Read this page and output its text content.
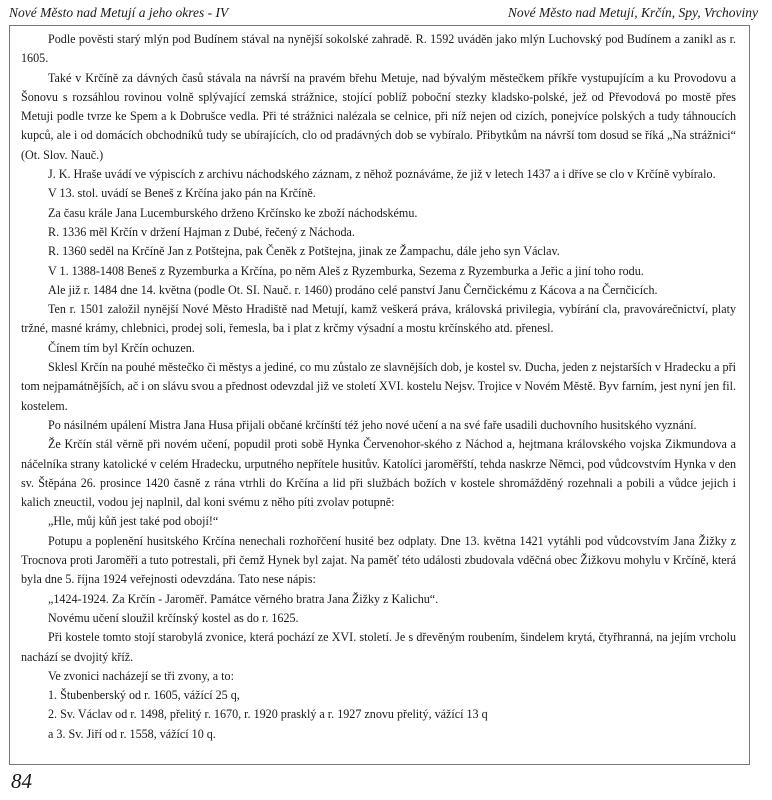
Nové Město nad Metují a jeho okres - IV	Nové Město nad Metují, Krčín, Spy, Vrchoviny

Podle pověsti starý mlýn pod Budínem stával na nynější sokolské zahradě. R. 1592 uváděn jako mlýn Luchovský pod Budínem a zanikl as r. 1605.

Také v Krčíně za dávných časů stávala na návrší na pravém břehu Metuje, nad bývalým městečkem příkře vystupujícím a ku Provodovu a Šonovu s rozsáhlou rovinou volně splývající zemská strážnice, stojící poblíž poboční stezky kladsko-polské, jež od Převodová po mostě přes Metuji podle tvrze ke Spem a k Dobrušce vedla. Při té strážnici nalézala se celnice, při níž nejen od cizích, ponejvíce polských a tudy táhnoucích kupců, ale i od domácích obchodníků tudy se ubírajících, clo od pradávných dob se vybíralo. Přibytkům na návrší tom dosud se říká „Na strážnici“ (Ot. Slov. Nauč.)

J. K. Hraše uvádí ve výpiscích z archivu náchodského záznam, z něhož poznáváme, že již v letech 1437 a i dříve se clo v Krčíně vybíralo.

V 13. stol. uvádí se Beneš z Krčína jako pán na Krčíně.

Za času krále Jana Lucemburského drženo Krčínsko ke zboží náchodskému.

R. 1336 měl Krčín v držení Hajman z Dubé, řečený z Náchoda.

R. 1360 seděl na Krčíně Jan z Potštejna, pak Čeněk z Potštejna, jinak ze Žampachu, dále jeho syn Václav.

V 1. 1388-1408 Beneš z Ryzemburka a Krčína, po něm Aleš z Ryzemburka, Sezema z Ryzemburka a Jeřic a jiní toho rodu.

Ale již r. 1484 dne 14. května (podle Ot. SI. Nauč. r. 1460) prodáno celé panství Janu Černčickému z Kácova a na Černčicích.

Ten r. 1501 založil nynější Nové Město Hradiště nad Metují, kamž veškerá práva, královská privilegia, vybírání cla, pravovárečnictví, platy tržné, masné krámy, chlebnici, prodej soli, řemesla, ba i plat z krčmy výsadní a mostu krčínského atd. přenesl.

Čínem tím byl Krčín ochuzen.

Sklesl Krčín na pouhé městečko či městys a jediné, co mu zůstalo ze slavnějších dob, je kostel sv. Ducha, jeden z nejstarších v Hradecku a při tom nejpamátnějších, ač i on slávu svou a přednost odevzdal již ve století XVI. kostelu Nejsv. Trojice v Novém Městě. Byv farním, jest nyní jen fil. kostelem.

Po násilném upálení Mistra Jana Husa přijali občané krčínští též jeho nové učení a na své faře usadili duchovního husitského vyznání.

Že Krčín stál věrně při novém učení, popudil proti sobě Hynka Červenohor-ského z Náchod a, hejtmana královského vojska Zikmundova a náčelníka strany katolické v celém Hradecku, urputného nepřítele husitův. Katolíci jaroměřští, tehda naskrze Němci, pod vůdcovstvím Hynka v den sv. Štěpána 26. prosince 1420 časně z rána vtrhli do Krčína a lid při službách božích v kostele shromážděný rozehnali a pobili a vůdce jejich i kalich zneuctil, vodou jej naplnil, dal koni svému z něho píti zvolav potupně:

„Hle, můj kůň jest také pod obojí!“

Potupu a poplenění husitského Krčína nenechali rozhořčení husité bez odplaty. Dne 13. května 1421 vytáhli pod vůdcovstvím Jana Žižky z Trocnova proti Jaroměři a tuto potrestali, při čemž Hynek byl zajat. Na paměť této události zbudovala vděčná obec Žižkovu mohylu v Krčíně, která byla dne 5. října 1924 veřejnosti odevzdána. Tato nese nápis:

„1424-1924. Za Krčín - Jaroměř. Památce věrného bratra Jana Žižky z Kalichu“.

Novému učení sloužil krčínský kostel as do r. 1625.

Při kostele tomto stojí starobylá zvonice, která pochází ze XVI. století. Je s dřevěným roubením, šindelem krytá, čtyřhranná, na jejím vrcholu nachází se dvojitý kříž.

Ve zvonici nacházejí se tři zvony, a to:

1. Štubenberský od r. 1605, vážící 25 q,

2. Sv. Václav od r. 1498, přelitý r. 1670, r. 1920 prasklý a r. 1927 znovu přelitý, vážící 13 q

a 3. Sv. Jiří od r. 1558, vážící 10 q.

84
